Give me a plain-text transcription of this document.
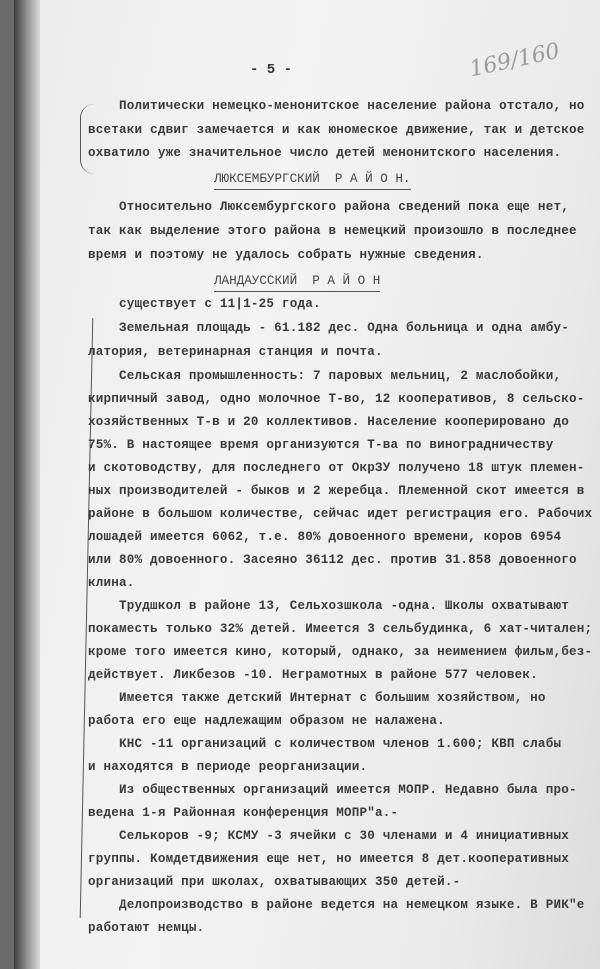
- 5 -	169/160
Политически немецко-менонитское население района отстало, но
всетаки сдвиг замечается и как юномеское движение, так и детское
охватило уже значительное число детей менонитского населения.
ЛЮКСЕМБУРГСКИЙ  Р А Й О Н.
Относительно Люксембургского района сведений пока еще нет,
так как выделение этого района в немецкий произошло в последнее
время и поэтому не удалось собрать нужные сведения.
ЛАНДАУССКИЙ  Р А Й О Н
существует с 11|1-25 года.
Земельная площадь - 61.182 дес. Одна больница и одна амбу-
латория, ветеринарная станция и почта.
Сельская промышленность: 7 паровых мельниц, 2 маслобойки,
кирпичный завод, одно молочное Т-во, 12 кооперативов, 8 сельско-
хозяйственных Т-в и 20 коллективов. Население кооперировано до
75%. В настоящее время организуются Т-ва по виноградничеству
и скотоводству, для последнего от ОкрЗУ получено 18 штук племен-
ных производителей - быков и 2 жеребца. Племенной скот имеется в
районе в большом количестве, сейчас идет регистрация его. Рабочих
лошадей имеется 6062, т.е. 80% довоенного времени, коров 6954
или 80% довоенного. Засеяно 36112 дес. против 31.858 довоенного
клина.
Трудшкол в районе 13, Сельхозшкола -одна. Школы охватывают
покаместь только 32% детей. Имеется 3 сельбудинка, 6 хат-читален;
кроме того имеется кино, который, однако, за неимением фильм,без-
действует. Ликбезов -10. Неграмотных в районе 577 человек.
Имеется также детский Интернат с большим хозяйством, но
работа его еще надлежащим образом не налажена.
КНС -11 организаций с количеством членов 1.600; КВП слабы
и находятся в периоде реорганизации.
Из общественных организаций имеется МОПР. Недавно была про-
ведена 1-я Районная конференция МОПР"а.-
Селькоров -9; КСМУ -3 ячейки с 30 членами и 4 инициативных
группы. Комдетдвижения еще нет, но имеется 8 дет.кооперативных
организаций при школах, охватывающих 350 детей.-
Делопроизводство в районе ведется на немецком языке. В РИК"е
работают немцы.
